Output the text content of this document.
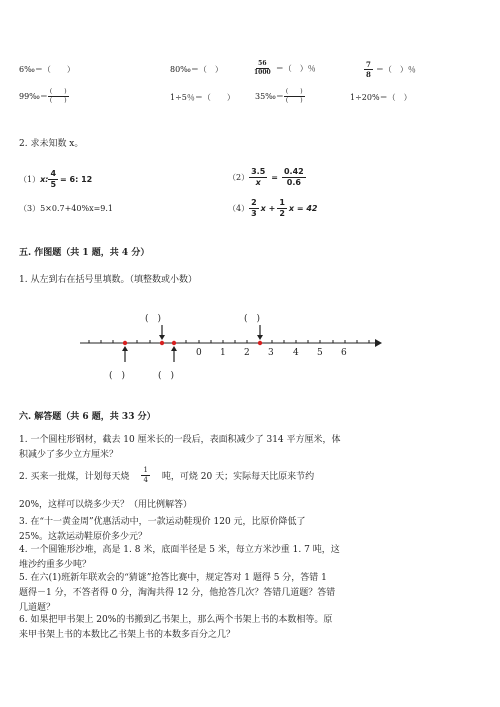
6‰＝（　　）	80‰＝（　）	$\frac{56}{1000}$ ＝（　）％	$\frac{7}{8}$ ＝（　）％
99‰＝ $\frac{( )}{( )}$	1÷5％＝（　　）	35‰＝ $\frac{( )}{( )}$	1÷20%＝（　）
2. 求未知数 x。
（1） x: $\frac{4}{5} = 6$: 12	$(2) \frac{3.5}{x} = \frac{0.42}{0.6}$
（3）5×0.7+40%x=9.1	$(4) \frac{2}{3}$ $x + \frac{1}{2}$ x = 42
五. 作图题（共 1 题，共 4 分）
1. 从左到右在括号里填数。（填整数或小数）
(　)	(　)
(　)	(　)
0 1 2 3 4 5 6
六. 解答题（共 6 题，共 33 分）
1. 一个圆柱形钢材，截去 10 厘米长的一段后，表面积减少了 314 平方厘米，体
积减少了多少立方厘米？
2. 买来一批煤，计划每天烧 $\frac{1}{4}$ 吨，可烧 20 天；实际每天比原来节约
20%，这样可以烧多少天？（用比例解答）
3. 在“十一黄金周”优惠活动中，一款运动鞋现价 120 元，比原价降低了
25%。这款运动鞋原价多少元？
4. 一个圆锥形沙堆，高是 1. 8 米，底面半径是 5 米，每立方米沙重 1. 7 吨，这
堆沙约重多少吨？
5. 在六(1)班新年联欢会的“猜谜”抢答比赛中，规定答对 1 题得 5 分，答错 1
题得－1 分，不答者得 0 分，淘淘共得 12 分，他抢答几次？答错几道题？答错
几道题？
6. 如果把甲书架上 20%的书搬到乙书架上，那么两个书架上书的本数相等。原
来甲书架上书的本数比乙书架上书的本数多百分之几？
